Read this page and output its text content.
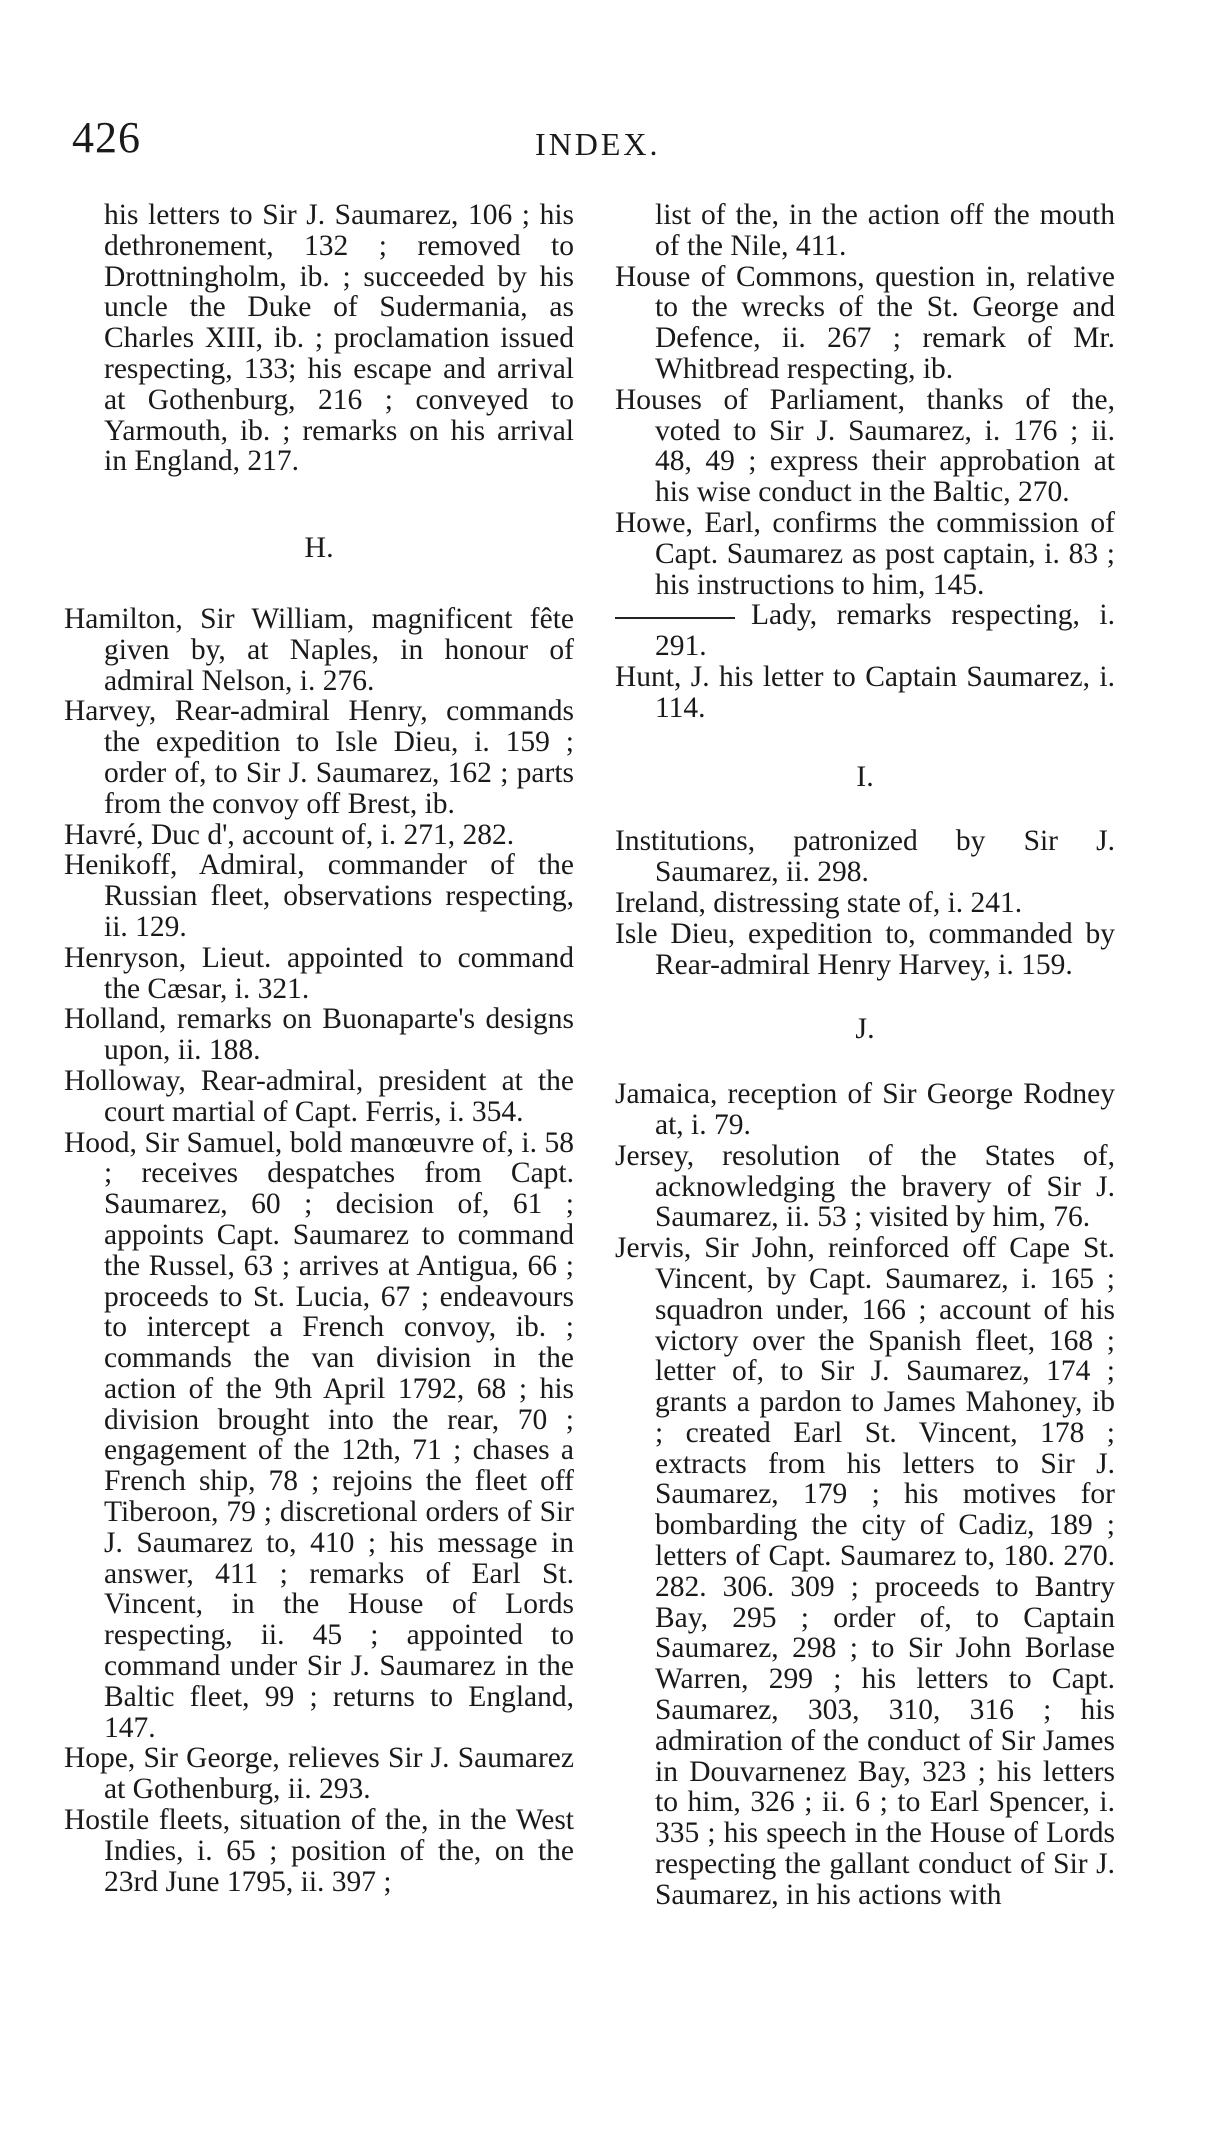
426	INDEX.

his letters to Sir J. Saumarez, 106 ; his dethronement, 132 ; removed to Drottningholm, ib. ; succeeded by his uncle the Duke of Sudermania, as Charles XIII, ib. ; proclamation issued respecting, 133; his escape and arrival at Gothenburg, 216 ; conveyed to Yarmouth, ib. ; remarks on his arrival in England, 217.

H.

Hamilton, Sir William, magnificent fête given by, at Naples, in honour of admiral Nelson, i. 276.

Harvey, Rear-admiral Henry, commands the expedition to Isle Dieu, i. 159 ; order of, to Sir J. Saumarez, 162 ; parts from the convoy off Brest, ib.

Havré, Duc d', account of, i. 271, 282.

Henikoff, Admiral, commander of the Russian fleet, observations respecting, ii. 129.

Henryson, Lieut. appointed to command the Cæsar, i. 321.

Holland, remarks on Buonaparte's designs upon, ii. 188.

Holloway, Rear-admiral, president at the court martial of Capt. Ferris, i. 354.

Hood, Sir Samuel, bold manœuvre of, i. 58 ; receives despatches from Capt. Saumarez, 60 ; decision of, 61 ; appoints Capt. Saumarez to command the Russel, 63 ; arrives at Antigua, 66 ; proceeds to St. Lucia, 67 ; endeavours to intercept a French convoy, ib. ; commands the van division in the action of the 9th April 1792, 68 ; his division brought into the rear, 70 ; engagement of the 12th, 71 ; chases a French ship, 78 ; rejoins the fleet off Tiberoon, 79 ; discretional orders of Sir J. Saumarez to, 410 ; his message in answer, 411 ; remarks of Earl St. Vincent, in the House of Lords respecting, ii. 45 ; appointed to command under Sir J. Saumarez in the Baltic fleet, 99 ; returns to England, 147.

Hope, Sir George, relieves Sir J. Saumarez at Gothenburg, ii. 293.

Hostile fleets, situation of the, in the West Indies, i. 65 ; position of the, on the 23rd June 1795, ii. 397 ;

list of the, in the action off the mouth of the Nile, 411.

House of Commons, question in, relative to the wrecks of the St. George and Defence, ii. 267 ; remark of Mr. Whitbread respecting, ib.

Houses of Parliament, thanks of the, voted to Sir J. Saumarez, i. 176 ; ii. 48, 49 ; express their approbation at his wise conduct in the Baltic, 270.

Howe, Earl, confirms the commission of Capt. Saumarez as post captain, i. 83 ; his instructions to him, 145.

Lady, remarks respecting, i. 291.

Hunt, J. his letter to Captain Saumarez, i. 114.

I.

Institutions, patronized by Sir J. Saumarez, ii. 298.

Ireland, distressing state of, i. 241.

Isle Dieu, expedition to, commanded by Rear-admiral Henry Harvey, i. 159.

J.

Jamaica, reception of Sir George Rodney at, i. 79.

Jersey, resolution of the States of, acknowledging the bravery of Sir J. Saumarez, ii. 53 ; visited by him, 76.

Jervis, Sir John, reinforced off Cape St. Vincent, by Capt. Saumarez, i. 165 ; squadron under, 166 ; account of his victory over the Spanish fleet, 168 ; letter of, to Sir J. Saumarez, 174 ; grants a pardon to James Mahoney, ib ; created Earl St. Vincent, 178 ; extracts from his letters to Sir J. Saumarez, 179 ; his motives for bombarding the city of Cadiz, 189 ; letters of Capt. Saumarez to, 180. 270. 282. 306. 309 ; proceeds to Bantry Bay, 295 ; order of, to Captain Saumarez, 298 ; to Sir John Borlase Warren, 299 ; his letters to Capt. Saumarez, 303, 310, 316 ; his admiration of the conduct of Sir James in Douvarnenez Bay, 323 ; his letters to him, 326 ; ii. 6 ; to Earl Spencer, i. 335 ; his speech in the House of Lords respecting the gallant conduct of Sir J. Saumarez, in his actions with
